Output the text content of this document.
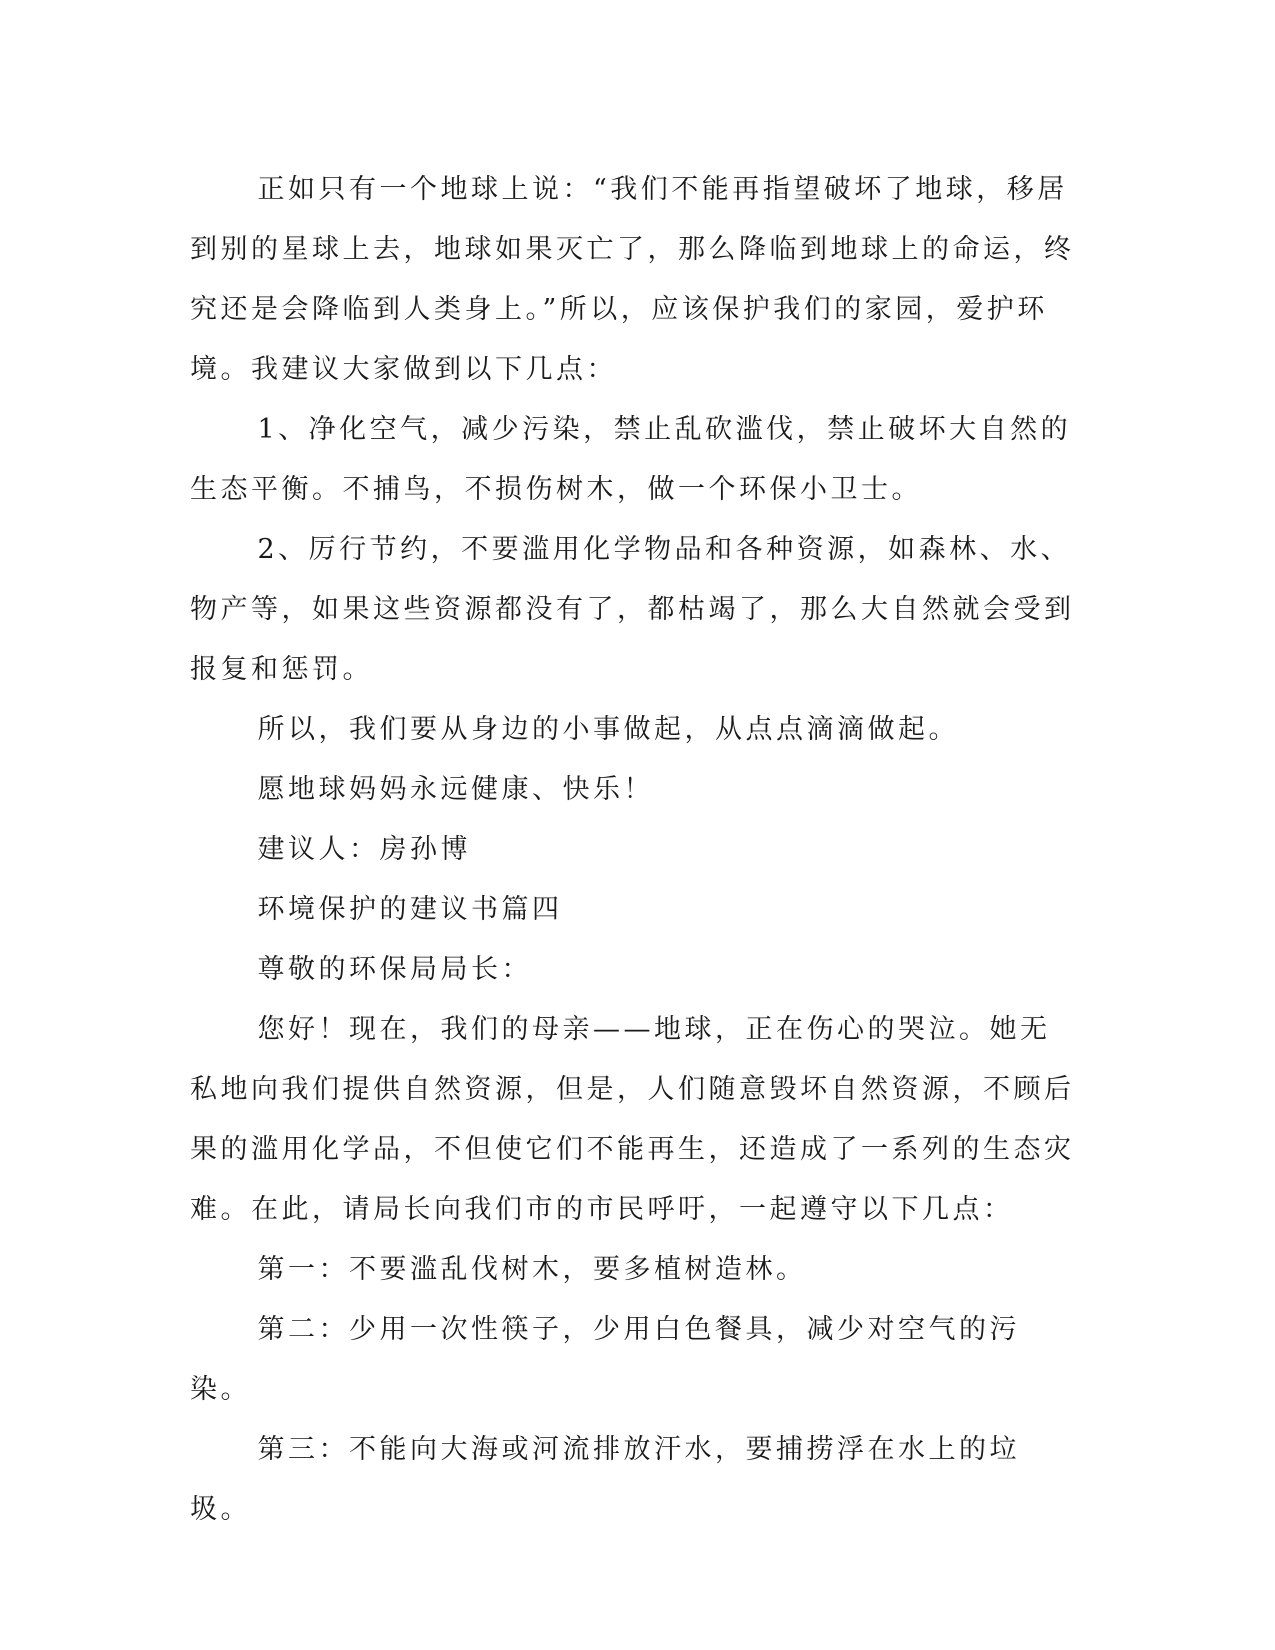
正如只有一个地球上说：“我们不能再指望破坏了地球，移居到别的星球上去，地球如果灭亡了，那么降临到地球上的命运，终究还是会降临到人类身上。”所以，应该保护我们的家园，爱护环境。我建议大家做到以下几点：

1、净化空气，减少污染，禁止乱砍滥伐，禁止破坏大自然的生态平衡。不捕鸟，不损伤树木，做一个环保小卫士。

2、厉行节约，不要滥用化学物品和各种资源，如森林、水、物产等，如果这些资源都没有了，都枯竭了，那么大自然就会受到报复和惩罚。

所以，我们要从身边的小事做起，从点点滴滴做起。

愿地球妈妈永远健康、快乐！

建议人：房孙博

环境保护的建议书篇四

尊敬的环保局局长：

您好！现在，我们的母亲——地球，正在伤心的哭泣。她无私地向我们提供自然资源，但是，人们随意毁坏自然资源，不顾后果的滥用化学品，不但使它们不能再生，还造成了一系列的生态灾难。在此，请局长向我们市的市民呼吁，一起遵守以下几点：

第一：不要滥乱伐树木，要多植树造林。

第二：少用一次性筷子，少用白色餐具，减少对空气的污染。

第三：不能向大海或河流排放汗水，要捕捞浮在水上的垃圾。
